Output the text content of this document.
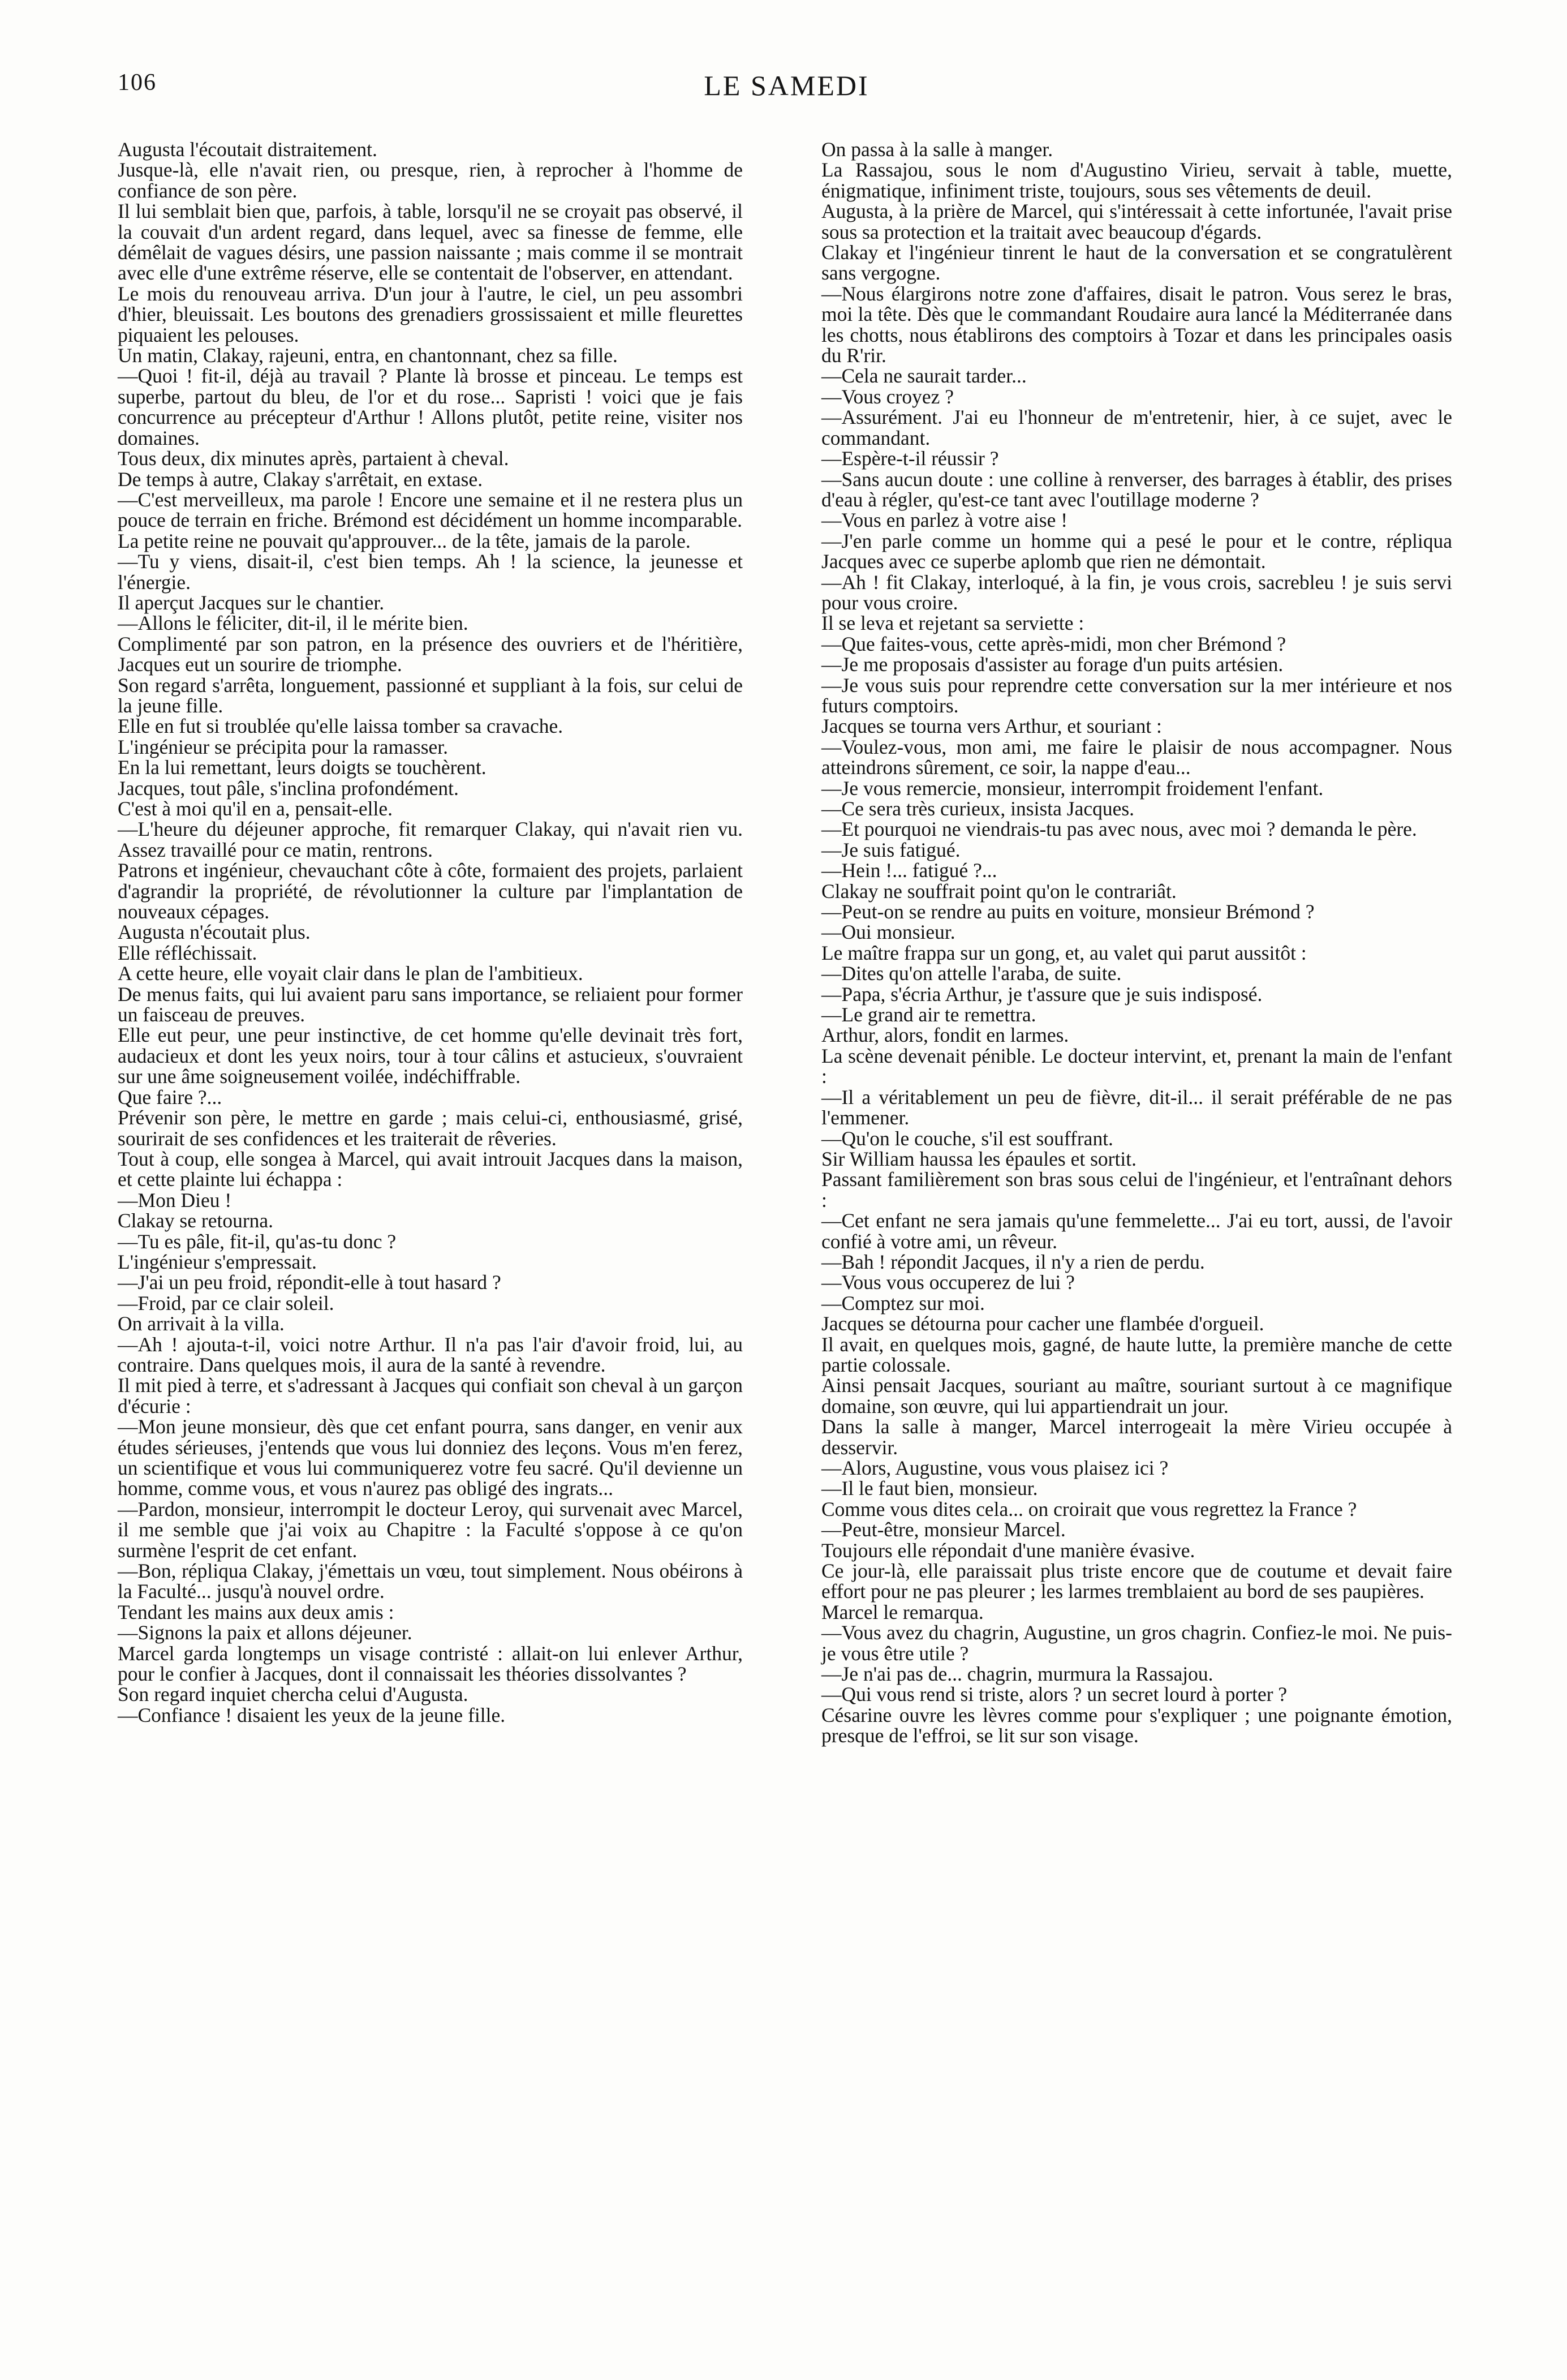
106	LE SAMEDI

Augusta l'écoutait distraitement.

Jusque-là, elle n'avait rien, ou presque, rien, à reprocher à l'homme de confiance de son père.

Il lui semblait bien que, parfois, à table, lorsqu'il ne se croyait pas observé, il la couvait d'un ardent regard, dans lequel, avec sa finesse de femme, elle démêlait de vagues désirs, une passion naissante ; mais comme il se montrait avec elle d'une extrême réserve, elle se contentait de l'observer, en attendant.

Le mois du renouveau arriva. D'un jour à l'autre, le ciel, un peu assombri d'hier, bleuissait. Les boutons des grenadiers grossissaient et mille fleurettes piquaient les pelouses.

Un matin, Clakay, rajeuni, entra, en chantonnant, chez sa fille.

—Quoi ! fit-il, déjà au travail ? Plante là brosse et pinceau. Le temps est superbe, partout du bleu, de l'or et du rose... Sapristi ! voici que je fais concurrence au précepteur d'Arthur ! Allons plutôt, petite reine, visiter nos domaines.

Tous deux, dix minutes après, partaient à cheval.

De temps à autre, Clakay s'arrêtait, en extase.

—C'est merveilleux, ma parole ! Encore une semaine et il ne restera plus un pouce de terrain en friche. Brémond est décidément un homme incomparable.

La petite reine ne pouvait qu'approuver... de la tête, jamais de la parole.

—Tu y viens, disait-il, c'est bien temps. Ah ! la science, la jeunesse et l'énergie.

Il aperçut Jacques sur le chantier.

—Allons le féliciter, dit-il, il le mérite bien.

Complimenté par son patron, en la présence des ouvriers et de l'héritière, Jacques eut un sourire de triomphe.

Son regard s'arrêta, longuement, passionné et suppliant à la fois, sur celui de la jeune fille.

Elle en fut si troublée qu'elle laissa tomber sa cravache.

L'ingénieur se précipita pour la ramasser.

En la lui remettant, leurs doigts se touchèrent.

Jacques, tout pâle, s'inclina profondément.

C'est à moi qu'il en a, pensait-elle.

—L'heure du déjeuner approche, fit remarquer Clakay, qui n'avait rien vu. Assez travaillé pour ce matin, rentrons.

Patrons et ingénieur, chevauchant côte à côte, formaient des projets, parlaient d'agrandir la propriété, de révolutionner la culture par l'implantation de nouveaux cépages.

Augusta n'écoutait plus.

Elle réfléchissait.

A cette heure, elle voyait clair dans le plan de l'ambitieux.

De menus faits, qui lui avaient paru sans importance, se reliaient pour former un faisceau de preuves.

Elle eut peur, une peur instinctive, de cet homme qu'elle devinait très fort, audacieux et dont les yeux noirs, tour à tour câlins et astucieux, s'ouvraient sur une âme soigneusement voilée, indéchiffrable.

Que faire ?...

Prévenir son père, le mettre en garde ; mais celui-ci, enthousiasmé, grisé, sourirait de ses confidences et les traiterait de rêveries.

Tout à coup, elle songea à Marcel, qui avait introuit Jacques dans la maison, et cette plainte lui échappa :

—Mon Dieu !

Clakay se retourna.

—Tu es pâle, fit-il, qu'as-tu donc ?

L'ingénieur s'empressait.

—J'ai un peu froid, répondit-elle à tout hasard ?

—Froid, par ce clair soleil.

On arrivait à la villa.

—Ah ! ajouta-t-il, voici notre Arthur. Il n'a pas l'air d'avoir froid, lui, au contraire. Dans quelques mois, il aura de la santé à revendre.

Il mit pied à terre, et s'adressant à Jacques qui confiait son cheval à un garçon d'écurie :

—Mon jeune monsieur, dès que cet enfant pourra, sans danger, en venir aux études sérieuses, j'entends que vous lui donniez des leçons. Vous m'en ferez, un scientifique et vous lui communiquerez votre feu sacré. Qu'il devienne un homme, comme vous, et vous n'aurez pas obligé des ingrats...

—Pardon, monsieur, interrompit le docteur Leroy, qui survenait avec Marcel, il me semble que j'ai voix au Chapitre : la Faculté s'oppose à ce qu'on surmène l'esprit de cet enfant.

—Bon, répliqua Clakay, j'émettais un vœu, tout simplement. Nous obéirons à la Faculté... jusqu'à nouvel ordre.

Tendant les mains aux deux amis :

—Signons la paix et allons déjeuner.

Marcel garda longtemps un visage contristé : allait-on lui enlever Arthur, pour le confier à Jacques, dont il connaissait les théories dissolvantes ?

Son regard inquiet chercha celui d'Augusta.

—Confiance ! disaient les yeux de la jeune fille.

On passa à la salle à manger.

La Rassajou, sous le nom d'Augustino Virieu, servait à table, muette, énigmatique, infiniment triste, toujours, sous ses vêtements de deuil.

Augusta, à la prière de Marcel, qui s'intéressait à cette infortunée, l'avait prise sous sa protection et la traitait avec beaucoup d'égards.

Clakay et l'ingénieur tinrent le haut de la conversation et se congratulèrent sans vergogne.

—Nous élargirons notre zone d'affaires, disait le patron. Vous serez le bras, moi la tête. Dès que le commandant Roudaire aura lancé la Méditerranée dans les chotts, nous établirons des comptoirs à Tozar et dans les principales oasis du R'rir.

—Cela ne saurait tarder...

—Vous croyez ?

—Assurément. J'ai eu l'honneur de m'entretenir, hier, à ce sujet, avec le commandant.

—Espère-t-il réussir ?

—Sans aucun doute : une colline à renverser, des barrages à établir, des prises d'eau à régler, qu'est-ce tant avec l'outillage moderne ?

—Vous en parlez à votre aise !

—J'en parle comme un homme qui a pesé le pour et le contre, répliqua Jacques avec ce superbe aplomb que rien ne démontait.

—Ah ! fit Clakay, interloqué, à la fin, je vous crois, sacrebleu ! je suis servi pour vous croire.

Il se leva et rejetant sa serviette :

—Que faites-vous, cette après-midi, mon cher Brémond ?

—Je me proposais d'assister au forage d'un puits artésien.

—Je vous suis pour reprendre cette conversation sur la mer intérieure et nos futurs comptoirs.

Jacques se tourna vers Arthur, et souriant :

—Voulez-vous, mon ami, me faire le plaisir de nous accompagner. Nous atteindrons sûrement, ce soir, la nappe d'eau...

—Je vous remercie, monsieur, interrompit froidement l'enfant.

—Ce sera très curieux, insista Jacques.

—Et pourquoi ne viendrais-tu pas avec nous, avec moi ? demanda le père.

—Je suis fatigué.

—Hein !... fatigué ?...

Clakay ne souffrait point qu'on le contrariât.

—Peut-on se rendre au puits en voiture, monsieur Brémond ?

—Oui monsieur.

Le maître frappa sur un gong, et, au valet qui parut aussitôt :

—Dites qu'on attelle l'araba, de suite.

—Papa, s'écria Arthur, je t'assure que je suis indisposé.

—Le grand air te remettra.

Arthur, alors, fondit en larmes.

La scène devenait pénible. Le docteur intervint, et, prenant la main de l'enfant :

—Il a véritablement un peu de fièvre, dit-il... il serait préférable de ne pas l'emmener.

—Qu'on le couche, s'il est souffrant.

Sir William haussa les épaules et sortit.

Passant familièrement son bras sous celui de l'ingénieur, et l'entraînant dehors :

—Cet enfant ne sera jamais qu'une femmelette... J'ai eu tort, aussi, de l'avoir confié à votre ami, un rêveur.

—Bah ! répondit Jacques, il n'y a rien de perdu.

—Vous vous occuperez de lui ?

—Comptez sur moi.

Jacques se détourna pour cacher une flambée d'orgueil.

Il avait, en quelques mois, gagné, de haute lutte, la première manche de cette partie colossale.

Ainsi pensait Jacques, souriant au maître, souriant surtout à ce magnifique domaine, son œuvre, qui lui appartiendrait un jour.

Dans la salle à manger, Marcel interrogeait la mère Virieu occupée à desservir.

—Alors, Augustine, vous vous plaisez ici ?

—Il le faut bien, monsieur.

Comme vous dites cela... on croirait que vous regrettez la France ?

—Peut-être, monsieur Marcel.

Toujours elle répondait d'une manière évasive.

Ce jour-là, elle paraissait plus triste encore que de coutume et devait faire effort pour ne pas pleurer ; les larmes tremblaient au bord de ses paupières.

Marcel le remarqua.

—Vous avez du chagrin, Augustine, un gros chagrin. Confiez-le moi. Ne puis-je vous être utile ?

—Je n'ai pas de... chagrin, murmura la Rassajou.

—Qui vous rend si triste, alors ? un secret lourd à porter ?

Césarine ouvre les lèvres comme pour s'expliquer ; une poignante émotion, presque de l'effroi, se lit sur son visage.
